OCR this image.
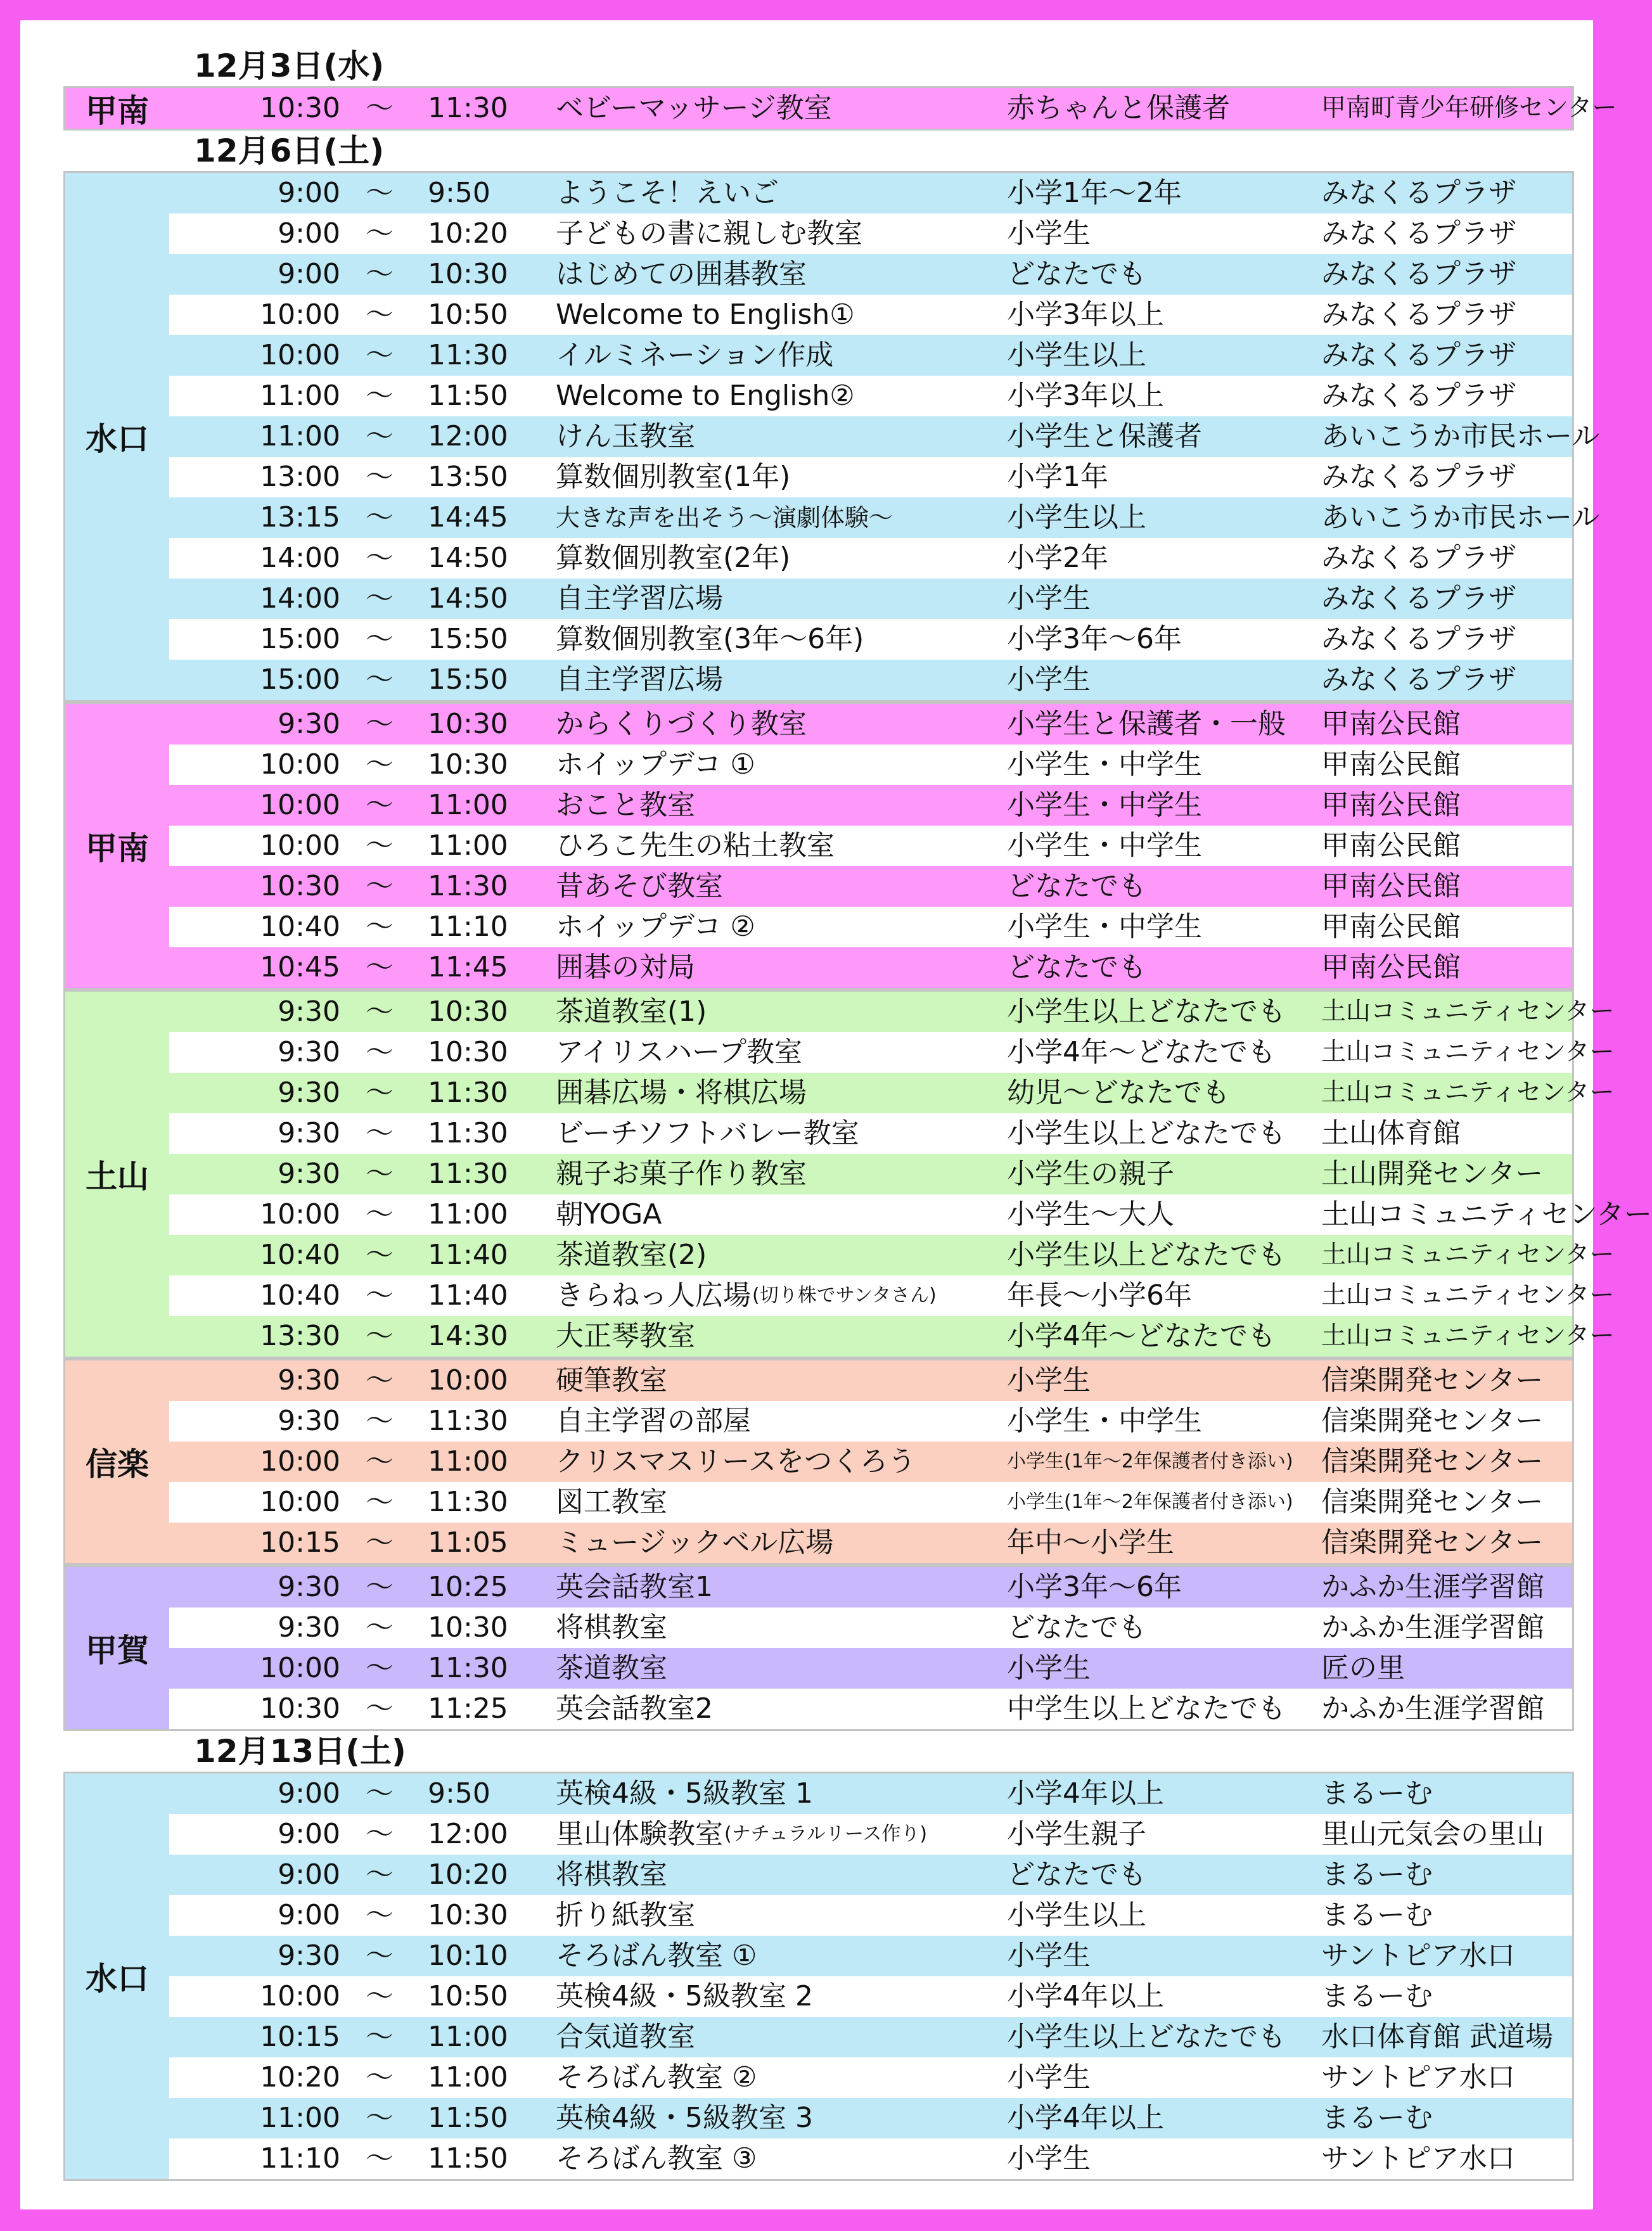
12月3日(水)
甲南	10:30 ～ 11:30 ベビーマッサージ教室	赤ちゃんと保護者	甲南町青少年研修センター
12月6日(土)
水口
9:00 ～ 9:50 ようこそ！えいご	小学1年～2年	みなくるプラザ
9:00 ～ 10:20 子どもの書に親しむ教室	小学生	みなくるプラザ
9:00 ～ 10:30 はじめての囲碁教室	どなたでも	みなくるプラザ
10:00 ～ 10:50 Welcome to English①	小学3年以上	みなくるプラザ
10:00 ～ 11:30 イルミネーション作成	小学生以上	みなくるプラザ
11:00 ～ 11:50 Welcome to English②	小学3年以上	みなくるプラザ
11:00 ～ 12:00 けん玉教室	小学生と保護者	あいこうか市民ホール
13:00 ～ 13:50 算数個別教室(1年)	小学1年	みなくるプラザ
13:15 ～ 14:45 大きな声を出そう～演劇体験～	小学生以上	あいこうか市民ホール
14:00 ～ 14:50 算数個別教室(2年)	小学2年	みなくるプラザ
14:00 ～ 14:50 自主学習広場	小学生	みなくるプラザ
15:00 ～ 15:50 算数個別教室(3年～6年)	小学3年～6年	みなくるプラザ
15:00 ～ 15:50 自主学習広場	小学生	みなくるプラザ
甲南
9:30 ～ 10:30 からくりづくり教室	小学生と保護者・一般 甲南公民館
10:00 ～ 10:30 ホイップデコ ①	小学生・中学生	甲南公民館
10:00 ～ 11:00 おこと教室	小学生・中学生	甲南公民館
10:00 ～ 11:00 ひろこ先生の粘土教室	小学生・中学生	甲南公民館
10:30 ～ 11:30 昔あそび教室	どなたでも	甲南公民館
10:40 ～ 11:10 ホイップデコ ②	小学生・中学生	甲南公民館
10:45 ～ 11:45 囲碁の対局	どなたでも	甲南公民館
土山
9:30 ～ 10:30 茶道教室(1)	小学生以上どなたでも 土山コミュニティセンター
9:30 ～ 10:30 アイリスハープ教室	小学4年～どなたでも 土山コミュニティセンター
9:30 ～ 11:30 囲碁広場・将棋広場	幼児～どなたでも	土山コミュニティセンター
9:30 ～ 11:30 ビーチソフトバレー教室	小学生以上どなたでも 土山体育館
9:30 ～ 11:30 親子お菓子作り教室	小学生の親子	土山開発センター
10:00 ～ 11:00 朝YOGA	小学生～大人	土山コミュニティセンター
10:40 ～ 11:40 茶道教室(2)	小学生以上どなたでも 土山コミュニティセンター
10:40 ～ 11:40 きらねっ人広場 (切り株でサンタさん)	年長～小学6年	土山コミュニティセンター
13:30 ～ 14:30 大正琴教室	小学4年～どなたでも 土山コミュニティセンター
信楽
9:30 ～ 10:00 硬筆教室	小学生	信楽開発センター
9:30 ～ 11:30 自主学習の部屋	小学生・中学生	信楽開発センター
10:00 ～ 11:00 クリスマスリースをつくろう	小学生(1年～2年保護者付き添い) 信楽開発センター
10:00 ～ 11:30 図工教室	小学生(1年～2年保護者付き添い) 信楽開発センター
10:15 ～ 11:05 ミュージックベル広場	年中～小学生	信楽開発センター
甲賀
9:30 ～ 10:25 英会話教室1	小学3年～6年	かふか生涯学習館
9:30 ～ 10:30 将棋教室	どなたでも	かふか生涯学習館
10:00 ～ 11:30 茶道教室	小学生	匠の里
10:30 ～ 11:25 英会話教室2	中学生以上どなたでも かふか生涯学習館
12月13日(土)
水口
9:00 ～ 9:50 英検4級・5級教室 1	小学4年以上	まるーむ
9:00 ～ 12:00 里山体験教室 (ナチュラルリース作り)	小学生親子	里山元気会の里山
9:00 ～ 10:20 将棋教室	どなたでも	まるーむ
9:00 ～ 10:30 折り紙教室	小学生以上	まるーむ
9:30 ～ 10:10 そろばん教室 ①	小学生	サントピア水口
10:00 ～ 10:50 英検4級・5級教室 2	小学4年以上	まるーむ
10:15 ～ 11:00 合気道教室	小学生以上どなたでも 水口体育館 武道場
10:20 ～ 11:00 そろばん教室 ②	小学生	サントピア水口
11:00 ～ 11:50 英検4級・5級教室 3	小学4年以上	まるーむ
11:10 ～ 11:50 そろばん教室 ③	小学生	サントピア水口
